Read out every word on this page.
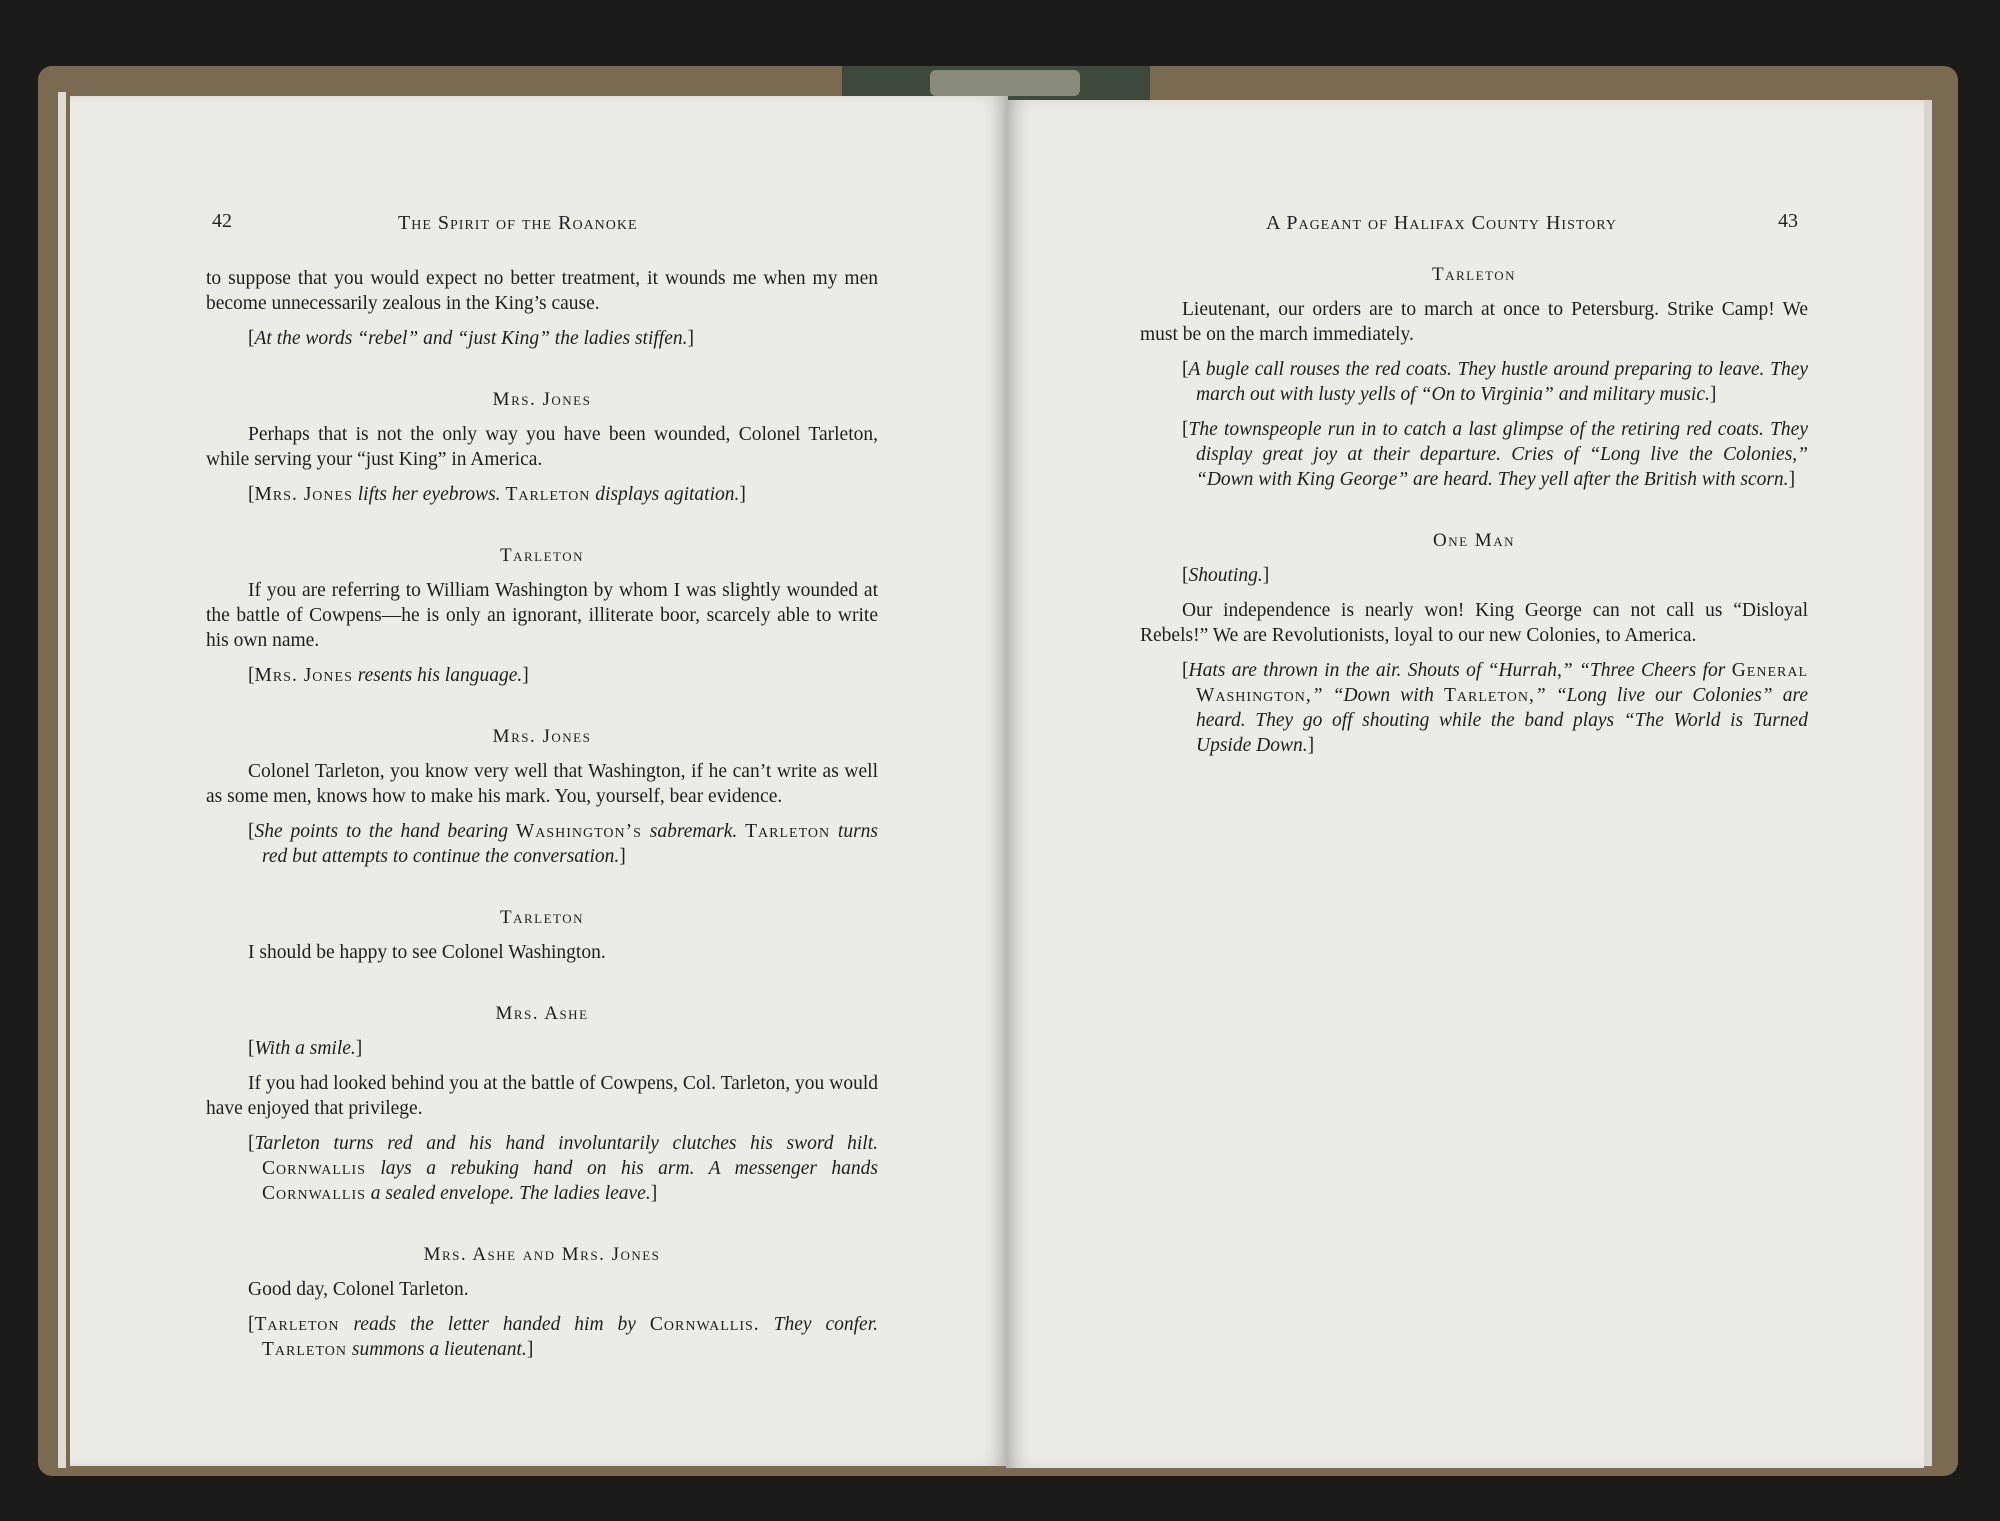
42	The Spirit of the Roanoke	A Pageant of Halifax County History	43

to suppose that you would expect no better treatment, it wounds me when my men become unnecessarily zealous in the King’s cause.

[At the words “rebel” and “just King” the ladies stiffen.]

Mrs. Jones

Perhaps that is not the only way you have been wounded, Colonel Tarleton, while serving your “just King” in America.

[Mrs. Jones lifts her eyebrows. Tarleton displays agitation.]

Tarleton

If you are referring to William Washington by whom I was slightly wounded at the battle of Cowpens—he is only an ignorant, illiterate boor, scarcely able to write his own name.

[Mrs. Jones resents his language.]

Mrs. Jones

Colonel Tarleton, you know very well that Washington, if he can’t write as well as some men, knows how to make his mark. You, yourself, bear evidence.

[She points to the hand bearing Washington’s sabremark. Tarleton turns red but attempts to continue the conversation.]

Tarleton

I should be happy to see Colonel Washington.

Mrs. Ashe

[With a smile.]

If you had looked behind you at the battle of Cowpens, Col. Tarleton, you would have enjoyed that privilege.

[Tarleton turns red and his hand involuntarily clutches his sword hilt. Cornwallis lays a rebuking hand on his arm. A messenger hands Cornwallis a sealed envelope. The ladies leave.]

Mrs. Ashe and Mrs. Jones

Good day, Colonel Tarleton.

[Tarleton reads the letter handed him by Cornwallis. They confer. Tarleton summons a lieutenant.]

Tarleton

Lieutenant, our orders are to march at once to Petersburg. Strike Camp! We must be on the march immediately.

[A bugle call rouses the red coats. They hustle around preparing to leave. They march out with lusty yells of “On to Virginia” and military music.]

[The townspeople run in to catch a last glimpse of the retiring red coats. They display great joy at their departure. Cries of “Long live the Colonies,” “Down with King George” are heard. They yell after the British with scorn.]

One Man

[Shouting.]

Our independence is nearly won! King George can not call us “Disloyal Rebels!” We are Revolutionists, loyal to our new Colonies, to America.

[Hats are thrown in the air. Shouts of “Hurrah,” “Three Cheers for General Washington,” “Down with Tarleton,” “Long live our Colonies” are heard. They go off shouting while the band plays “The World is Turned Upside Down.]
